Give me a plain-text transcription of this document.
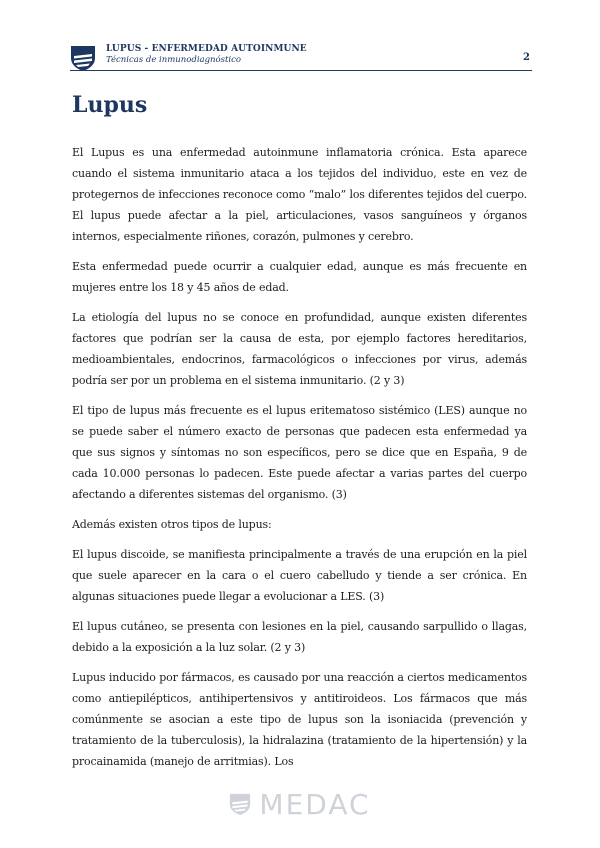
LUPUS - ENFERMEDAD AUTOINMUNE
Técnicas de inmunodiagnóstico	2
Lupus

El Lupus es una enfermedad autoinmune inflamatoria crónica. Esta aparece cuando el sistema inmunitario ataca a los tejidos del individuo, este en vez de protegernos de infecciones reconoce como “malo” los diferentes tejidos del cuerpo. El lupus puede afectar a la piel, articulaciones, vasos sanguíneos y órganos internos, especialmente riñones, corazón, pulmones y cerebro.

Esta enfermedad puede ocurrir a cualquier edad, aunque es más frecuente en mujeres entre los 18 y 45 años de edad.

La etiología del lupus no se conoce en profundidad, aunque existen diferentes factores que podrían ser la causa de esta, por ejemplo factores hereditarios, medioambientales, endocrinos, farmacológicos o infecciones por virus, además podría ser por un problema en el sistema inmunitario. (2 y 3)

El tipo de lupus más frecuente es el lupus eritematoso sistémico (LES) aunque no se puede saber el número exacto de personas que padecen esta enfermedad ya que sus signos y síntomas no son específicos, pero se dice que en España, 9 de cada 10.000 personas lo padecen. Este puede afectar a varias partes del cuerpo afectando a diferentes sistemas del organismo. (3)

Además existen otros tipos de lupus:

El lupus discoide, se manifiesta principalmente a través de una erupción en la piel que suele aparecer en la cara o el cuero cabelludo y tiende a ser crónica. En algunas situaciones puede llegar a evolucionar a LES. (3)

El lupus cutáneo, se presenta con lesiones en la piel, causando sarpullido o llagas, debido a la exposición a la luz solar. (2 y 3)

Lupus inducido por fármacos, es causado por una reacción a ciertos medicamentos como antiepilépticos, antihipertensivos y antitiroideos. Los fármacos que más comúnmente se asocian a este tipo de lupus son la isoniacida (prevención y tratamiento de la tuberculosis), la hidralazina (tratamiento de la hipertensión) y la procainamida (manejo de arritmias). Los

MEDAC
